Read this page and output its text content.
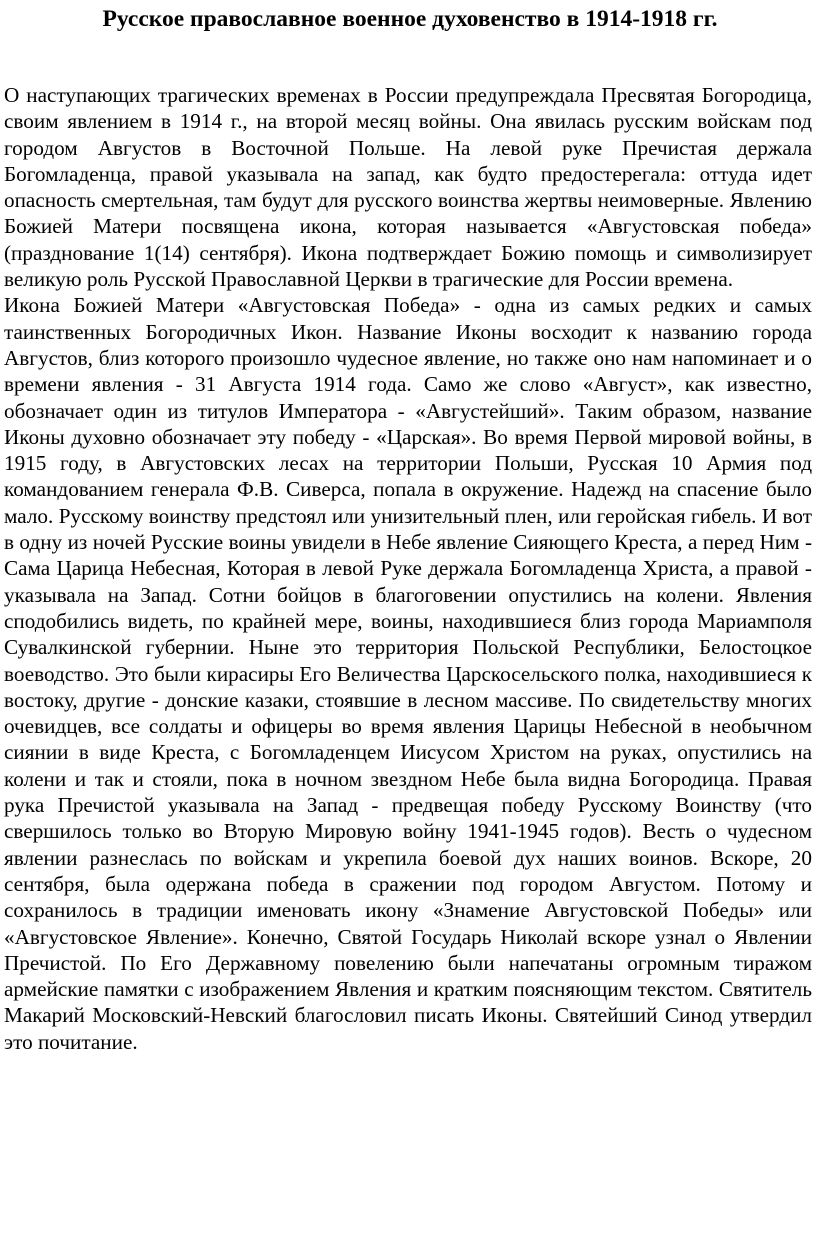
Русское православное военное духовенство в 1914-1918 гг.

О наступающих трагических временах в России предупреждала Пресвятая Богородица, своим явлением в 1914 г., на второй месяц войны. Она явилась русским войскам под городом Августов в Восточной Польше. На левой руке Пречистая держала Богомладенца, правой указывала на запад, как будто предостерегала: оттуда идет опасность смертельная, там будут для русского воинства жертвы неимоверные. Явлению Божией Матери посвящена икона, которая называется «Августовская победа» (празднование 1(14) сентября). Икона подтверждает Божию помощь и символизирует великую роль Русской Православной Церкви в трагические для России времена.

Икона Божией Матери «Августовская Победа» - одна из самых редких и самых таинственных Богородичных Икон. Название Иконы восходит к названию города Августов, близ которого произошло чудесное явление, но также оно нам напоминает и о времени явления - 31 Августа 1914 года. Само же слово «Август», как известно, обозначает один из титулов Императора - «Августейший». Таким образом, название Иконы духовно обозначает эту победу - «Царская». Во время Первой мировой войны, в 1915 году, в Августовских лесах на территории Польши, Русская 10 Армия под командованием генерала Ф.В. Сиверса, попала в окружение. Надежд на спасение было мало. Русскому воинству предстоял или унизительный плен, или геройская гибель. И вот в одну из ночей Русские воины увидели в Небе явление Сияющего Креста, а перед Ним - Сама Царица Небесная, Которая в левой Руке держала Богомладенца Христа, а правой - указывала на Запад. Сотни бойцов в благоговении опустились на колени. Явления сподобились видеть, по крайней мере, воины, находившиеся близ города Мариамполя Сувалкинской губернии. Ныне это территория Польской Республики, Белостоцкое воеводство. Это были кирасиры Его Величества Царскосельского полка, находившиеся к востоку, другие - донские казаки, стоявшие в лесном массиве. По свидетельству многих очевидцев, все солдаты и офицеры во время явления Царицы Небесной в необычном сиянии в виде Креста, с Богомладенцем Иисусом Христом на руках, опустились на колени и так и стояли, пока в ночном звездном Небе была видна Богородица. Правая рука Пречистой указывала на Запад - предвещая победу Русскому Воинству (что свершилось только во Вторую Мировую войну 1941-1945 годов). Весть о чудесном явлении разнеслась по войскам и укрепила боевой дух наших воинов. Вскоре, 20 сентября, была одержана победа в сражении под городом Августом. Потому и сохранилось в традиции именовать икону «Знамение Августовской Победы» или «Августовское Явление». Конечно, Святой Государь Николай вскоре узнал о Явлении Пречистой. По Его Державному повелению были напечатаны огромным тиражом армейские памятки с изображением Явления и кратким поясняющим текстом. Святитель Макарий Московский-Невский благословил писать Иконы. Святейший Синод утвердил это почитание.
